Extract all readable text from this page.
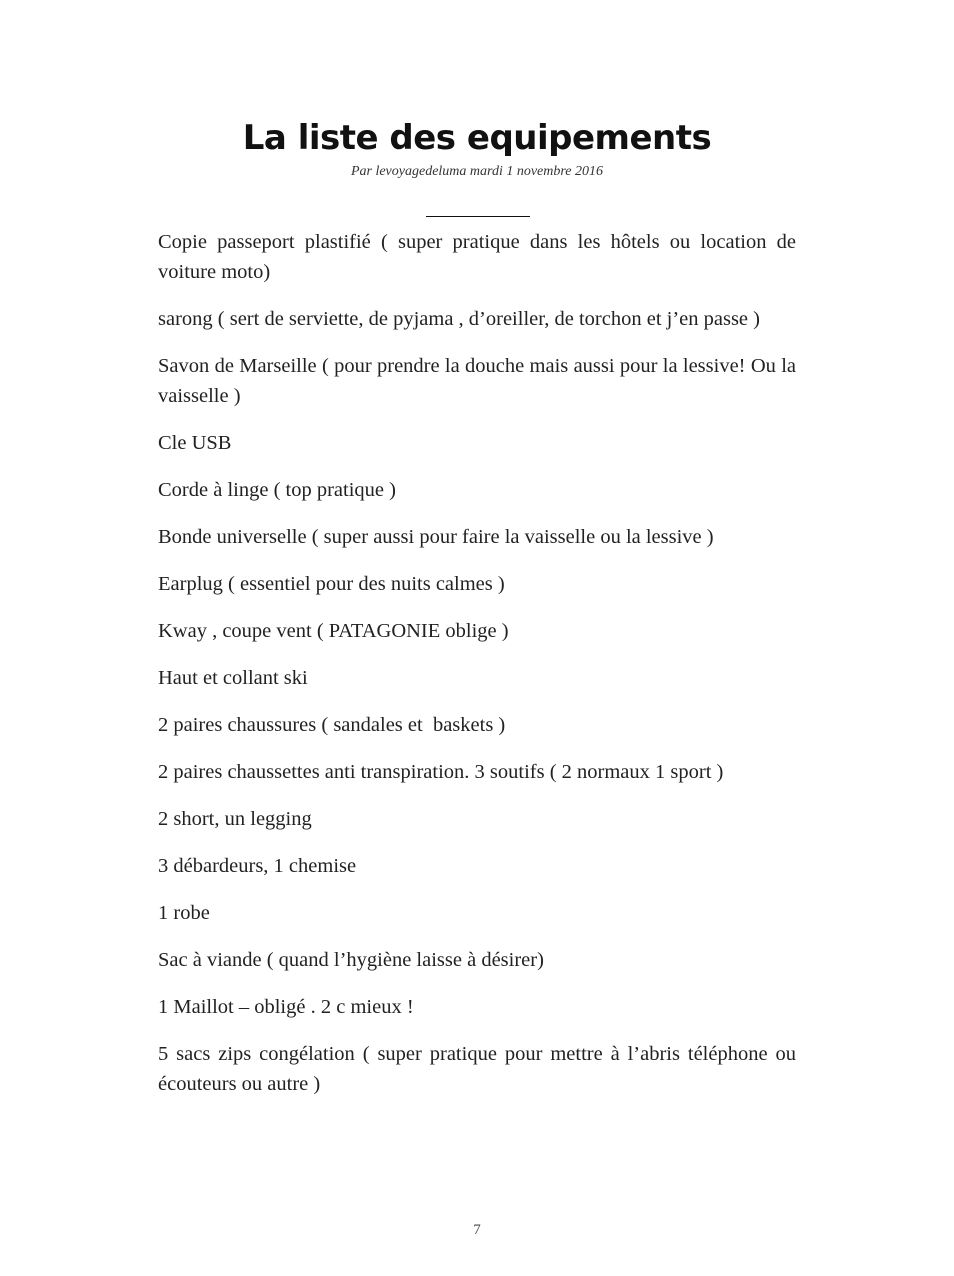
La liste des equipements
Par levoyagedeluma mardi 1 novembre 2016

Copie passeport plastifié ( super pratique dans les hôtels ou location de voiture moto)

sarong ( sert de serviette, de pyjama , d’oreiller, de torchon et j’en passe )

Savon de Marseille ( pour prendre la douche mais aussi pour la lessive! Ou la vaisselle )

Cle USB

Corde à linge ( top pratique )

Bonde universelle ( super aussi pour faire la vaisselle ou la lessive )

Earplug ( essentiel pour des nuits calmes )

Kway , coupe vent ( PATAGONIE oblige )

Haut et collant ski

2 paires chaussures ( sandales et  baskets )

2 paires chaussettes anti transpiration. 3 soutifs ( 2 normaux 1 sport )

2 short, un legging

3 débardeurs, 1 chemise

1 robe

Sac à viande ( quand l’hygiène laisse à désirer)

1 Maillot – obligé . 2 c mieux !

5 sacs zips congélation ( super pratique pour mettre à l’abris téléphone ou écouteurs ou autre )

7
